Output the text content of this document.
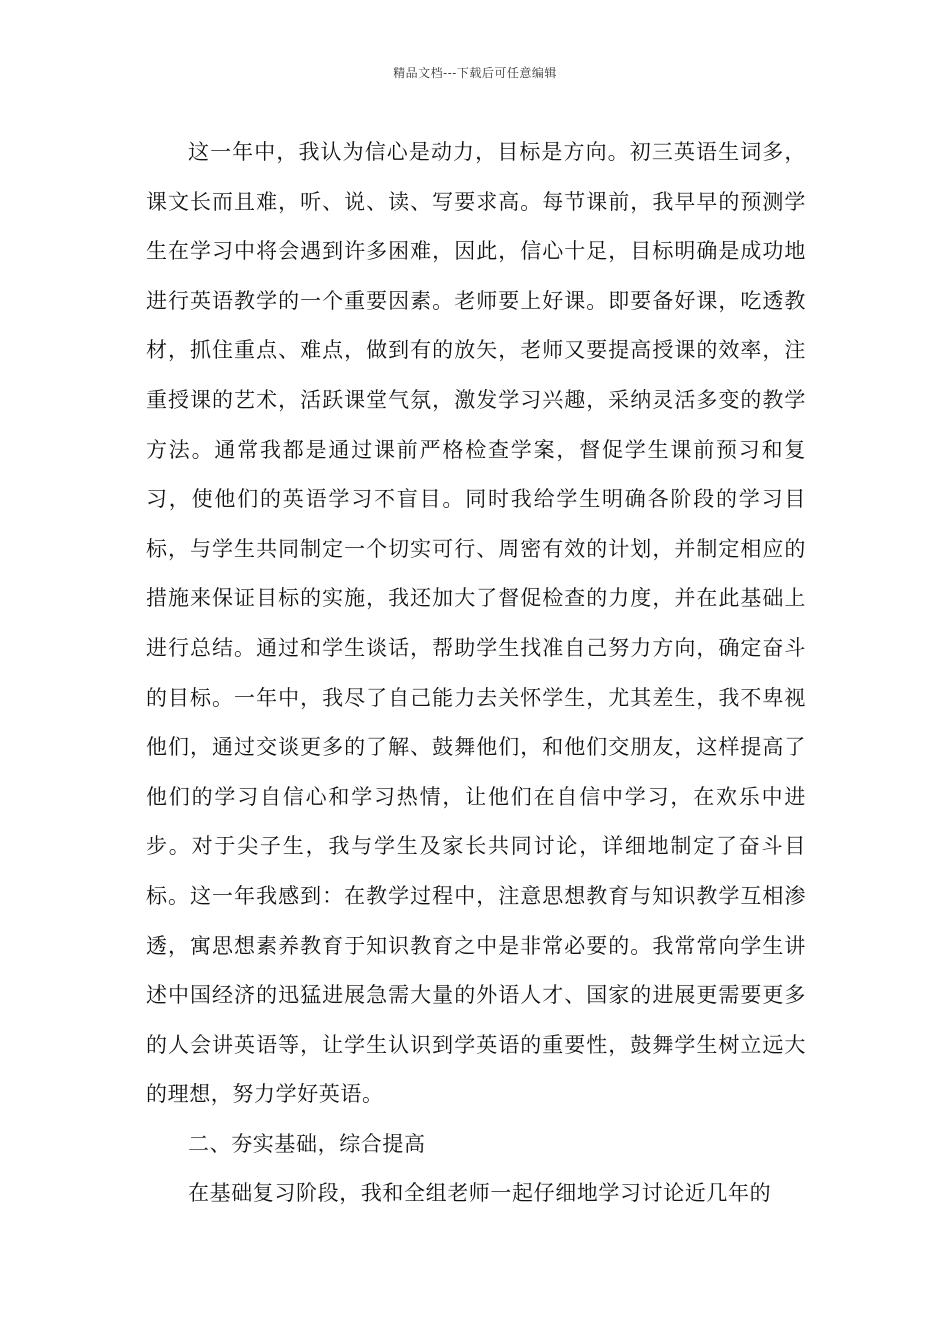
精品文档---下载后可任意编辑

这一年中，我认为信心是动力，目标是方向。初三英语生词多，课文长而且难，听、说、读、写要求高。每节课前，我早早的预测学生在学习中将会遇到许多困难，因此，信心十足，目标明确是成功地进行英语教学的一个重要因素。老师要上好课。即要备好课，吃透教材，抓住重点、难点，做到有的放矢，老师又要提高授课的效率，注重授课的艺术，活跃课堂气氛，激发学习兴趣，采纳灵活多变的教学方法。通常我都是通过课前严格检查学案，督促学生课前预习和复习，使他们的英语学习不盲目。同时我给学生明确各阶段的学习目标，与学生共同制定一个切实可行、周密有效的计划，并制定相应的措施来保证目标的实施，我还加大了督促检查的力度，并在此基础上进行总结。通过和学生谈话，帮助学生找准自己努力方向，确定奋斗的目标。一年中，我尽了自己能力去关怀学生，尤其差生，我不卑视他们，通过交谈更多的了解、鼓舞他们，和他们交朋友，这样提高了他们的学习自信心和学习热情，让他们在自信中学习，在欢乐中进步。对于尖子生，我与学生及家长共同讨论，详细地制定了奋斗目标。这一年我感到：在教学过程中，注意思想教育与知识教学互相渗透，寓思想素养教育于知识教育之中是非常必要的。我常常向学生讲述中国经济的迅猛进展急需大量的外语人才、国家的进展更需要更多的人会讲英语等，让学生认识到学英语的重要性，鼓舞学生树立远大的理想，努力学好英语。

二、夯实基础，综合提高

在基础复习阶段，我和全组老师一起仔细地学习讨论近几年的
